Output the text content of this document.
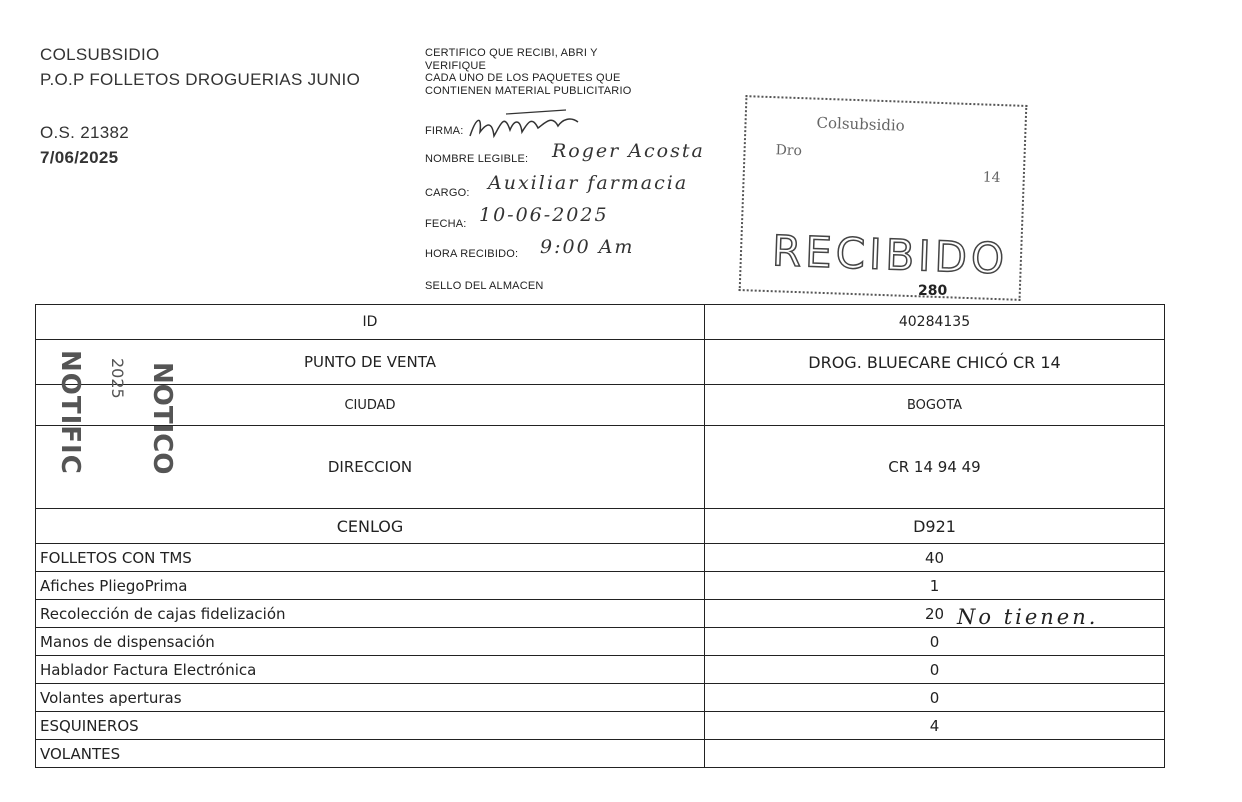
COLSUBSIDIO
P.O.P FOLLETOS DROGUERIAS JUNIO
O.S. 21382
7/06/2025
CERTIFICO QUE RECIBI, ABRI Y
VERIFIQUE
CADA UNO DE LOS PAQUETES QUE
CONTIENEN MATERIAL PUBLICITARIO
FIRMA:
NOMBRE LEGIBLE: Roger Acosta
CARGO: Auxiliar farmacia
FECHA: 10-06-2025
HORA RECIBIDO: 9:00 Am
SELLO DEL ALMACEN
Colsubsidio
Dro
14
RECIBIDO
280
ID	40284135
PUNTO DE VENTA	DROG. BLUECARE CHICÓ CR 14
CIUDAD	BOGOTA
DIRECCION	CR 14 94 49
CENLOG	D921
FOLLETOS CON TMS	40
Afiches PliegoPrima	1
Recolección de cajas fidelización	20
Manos de dispensación	0
Hablador Factura Electrónica	0
Volantes aperturas	0
ESQUINEROS	4
VOLANTES	
NOTIFIC 2025 NOTICO
No tienen.
